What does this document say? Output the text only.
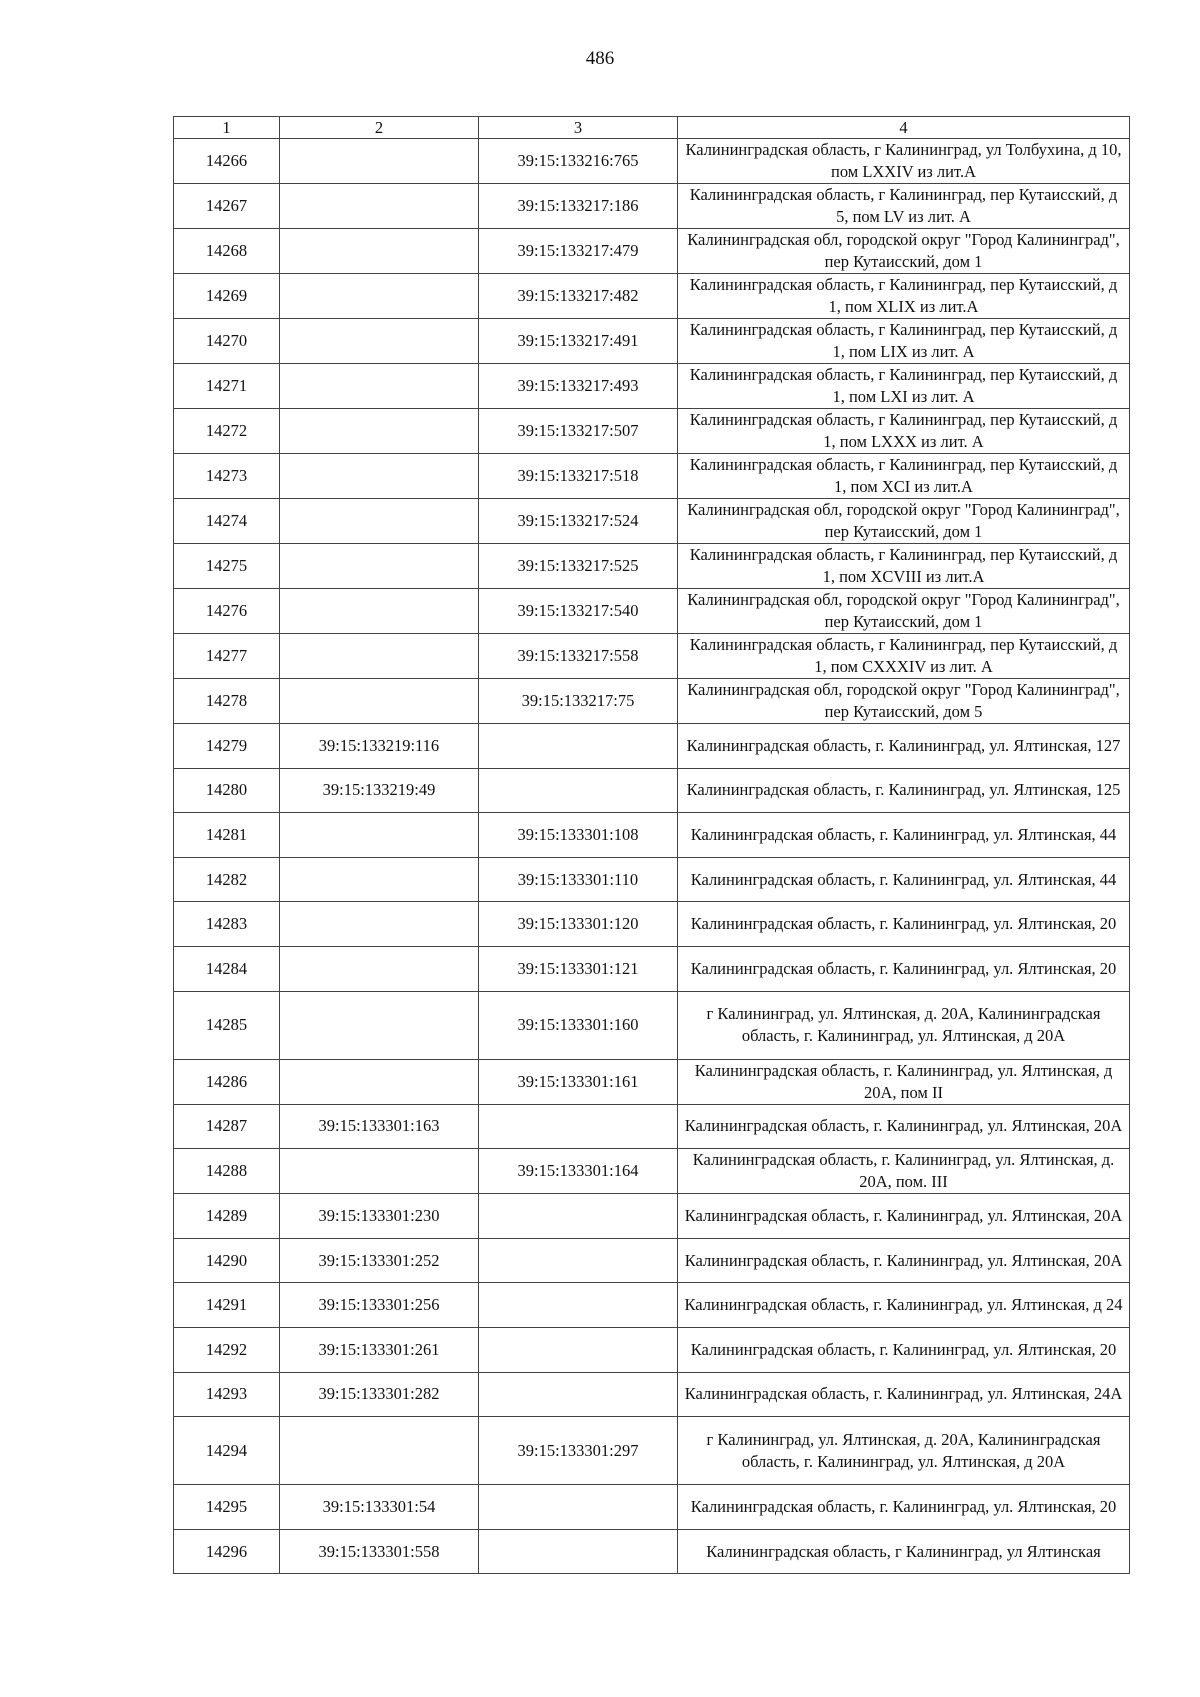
486
1	2	3	4
14266		39:15:133216:765	Калининградская область, г Калининград, ул Толбухина, д 10, пом LXXIV из лит.А
14267		39:15:133217:186	Калининградская область, г Калининград, пер Кутаисский, д 5, пом LV из лит. А
14268		39:15:133217:479	Калининградская обл, городской округ "Город Калининград", пер Кутаисский, дом 1
14269		39:15:133217:482	Калининградская область, г Калининград, пер Кутаисский, д 1, пом XLIX из лит.А
14270		39:15:133217:491	Калининградская область, г Калининград, пер Кутаисский, д 1, пом LIX из лит. А
14271		39:15:133217:493	Калининградская область, г Калининград, пер Кутаисский, д 1, пом LXI из лит. А
14272		39:15:133217:507	Калининградская область, г Калининград, пер Кутаисский, д 1, пом LXXX из лит. А
14273		39:15:133217:518	Калининградская область, г Калининград, пер Кутаисский, д 1, пом XCI из лит.А
14274		39:15:133217:524	Калининградская обл, городской округ "Город Калининград", пер Кутаисский, дом 1
14275		39:15:133217:525	Калининградская область, г Калининград, пер Кутаисский, д 1, пом XCVIII из лит.А
14276		39:15:133217:540	Калининградская обл, городской округ "Город Калининград", пер Кутаисский, дом 1
14277		39:15:133217:558	Калининградская область, г Калининград, пер Кутаисский, д 1, пом CXXXIV из лит. А
14278		39:15:133217:75	Калининградская обл, городской округ "Город Калининград", пер Кутаисский, дом 5
14279	39:15:133219:116		Калининградская область, г. Калининград, ул. Ялтинская, 127
14280	39:15:133219:49		Калининградская область, г. Калининград, ул. Ялтинская, 125
14281		39:15:133301:108	Калининградская область, г. Калининград, ул. Ялтинская, 44
14282		39:15:133301:110	Калининградская область, г. Калининград, ул. Ялтинская, 44
14283		39:15:133301:120	Калининградская область, г. Калининград, ул. Ялтинская, 20
14284		39:15:133301:121	Калининградская область, г. Калининград, ул. Ялтинская, 20
14285		39:15:133301:160	г Калининград, ул. Ялтинская, д. 20А, Калининградская область, г. Калининград, ул. Ялтинская, д 20А
14286		39:15:133301:161	Калининградская область, г. Калининград, ул. Ялтинская, д 20А, пом II
14287	39:15:133301:163		Калининградская область, г. Калининград, ул. Ялтинская, 20А
14288		39:15:133301:164	Калининградская область, г. Калининград, ул. Ялтинская, д. 20А, пом. III
14289	39:15:133301:230		Калининградская область, г. Калининград, ул. Ялтинская, 20А
14290	39:15:133301:252		Калининградская область, г. Калининград, ул. Ялтинская, 20А
14291	39:15:133301:256		Калининградская область, г. Калининград, ул. Ялтинская, д 24
14292	39:15:133301:261		Калининградская область, г. Калининград, ул. Ялтинская, 20
14293	39:15:133301:282		Калининградская область, г. Калининград, ул. Ялтинская, 24А
14294		39:15:133301:297	г Калининград, ул. Ялтинская, д. 20А, Калининградская область, г. Калининград, ул. Ялтинская, д 20А
14295	39:15:133301:54		Калининградская область, г. Калининград, ул. Ялтинская, 20
14296	39:15:133301:558		Калининградская область, г Калининград, ул Ялтинская
